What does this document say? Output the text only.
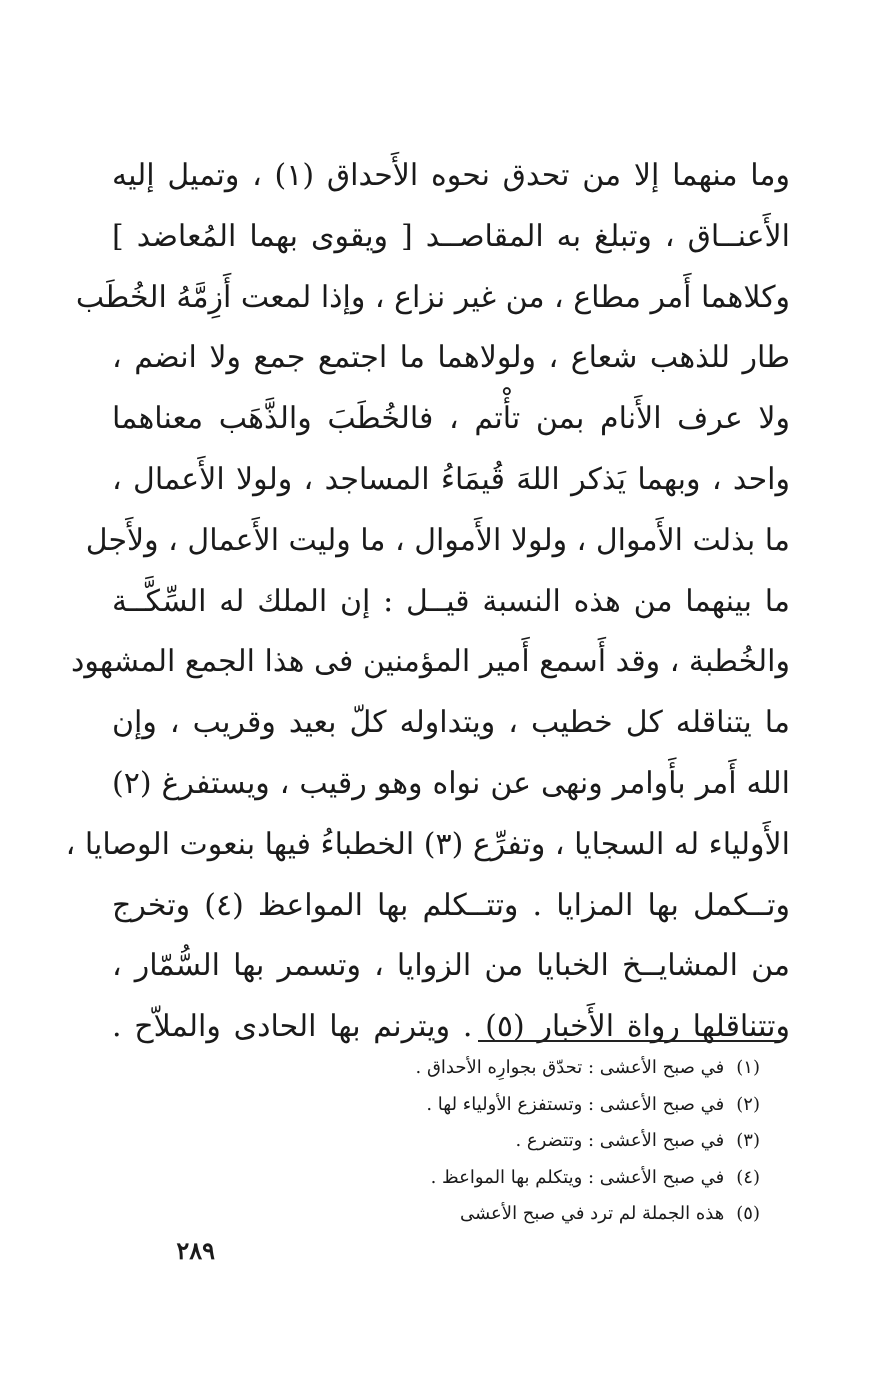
وما منهما إلا من تحدق نحوه الأَحداق (١) ، وتميل إليه
الأَعنــاق ، وتبلغ به المقاصــد [ ويقوى بهما المُعاضد ]
وكلاهما أَمر مطاع ، من غير نزاع ، وإذا لمعت أَزِمَّهُ الخُطَب
طار للذهب شعاع ، ولولاهما ما اجتمع جمع ولا انضم ،
ولا عرف الأَنام بمن تأْتم ، فالخُطَبَ والذَّهَب معناهما
واحد ، وبهما يَذكر اللهَ قُيمَاءُ المساجد ، ولولا الأَعمال ،
ما بذلت الأَموال ، ولولا الأَموال ، ما وليت الأَعمال ، ولأَجل
ما بينهما من هذه النسبة قيــل : إن الملك له السِّكَّــة
والخُطبة ، وقد أَسمع أَمير المؤمنين فى هذا الجمع المشهود
ما يتناقله كل خطيب ، ويتداوله كلّ بعيد وقريب ، وإن
الله أَمر بأَوامر ونهى عن نواه وهو رقيب ، ويستفرغ (٢)
الأَولياء له السجايا ، وتفرِّع (٣) الخطباءُ فيها بنعوت الوصايا ،
وتــكمل بها المزايا . وتتــكلم بها المواعظ (٤) وتخرج
من المشايــخ الخبايا من الزوايا ، وتسمر بها السُّمّار ،
وتتناقلها رواة الأَخبار (٥) . ويترنم بها الحادى والملاّح .
(١)في صبح الأعشى : تحدّق بجوارِه الأحداق .
(٢)في صبح الأعشى : وتستفزع الأولياء لها .
(٣)في صبح الأعشى : وتتضرع .
(٤)في صبح الأعشى : ويتكلم بها المواعظ .
(٥)هذه الجملة لم ترد في صبح الأعشى
٢٨٩
